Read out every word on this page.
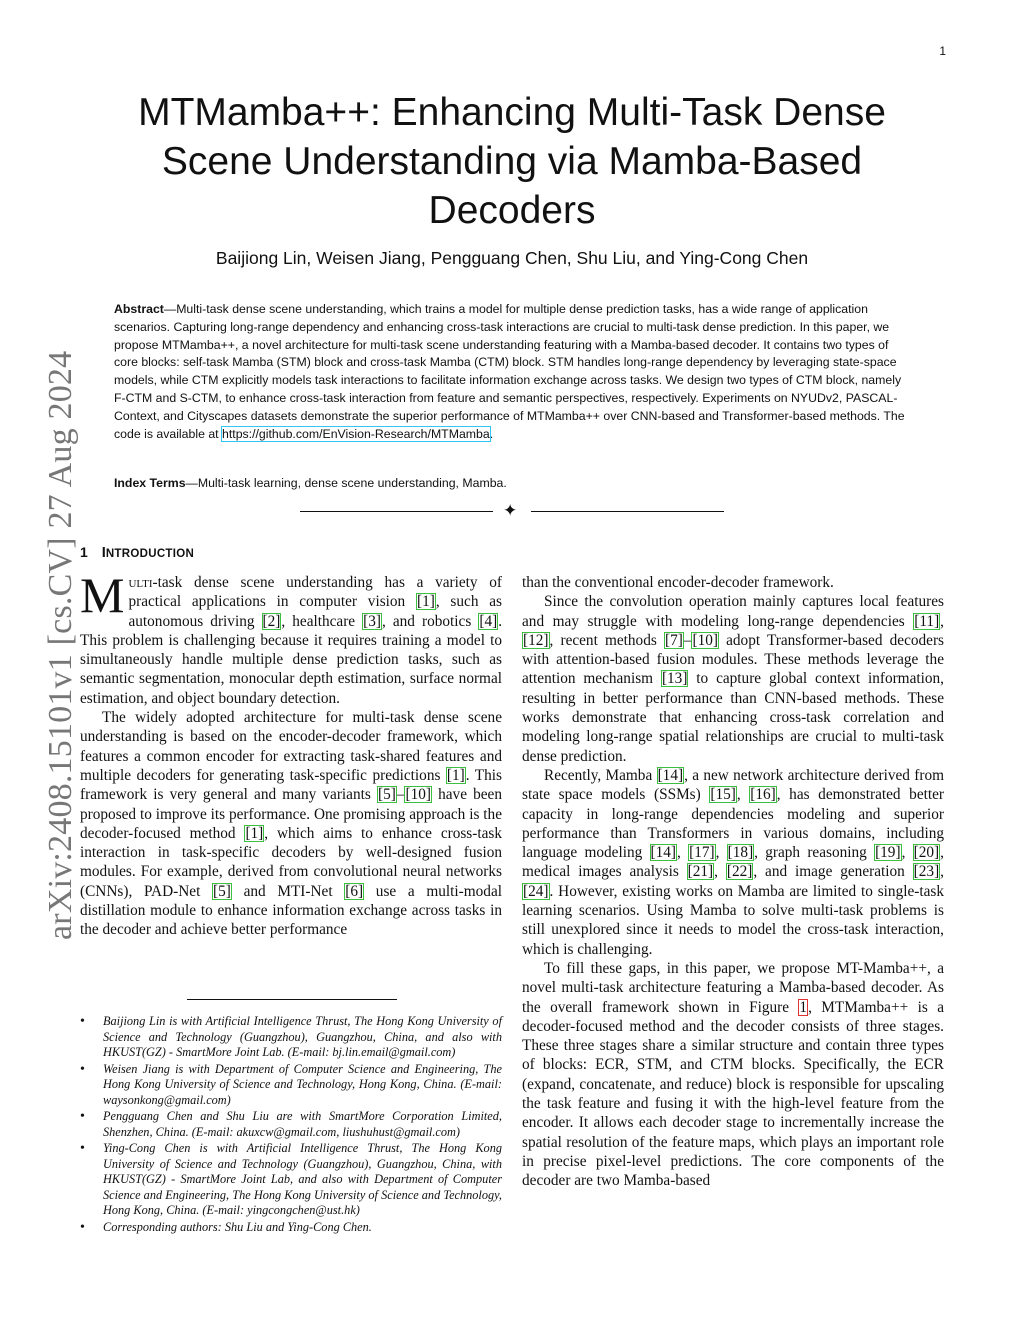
1
arXiv:2408.15101v1 [cs.CV] 27 Aug 2024
MTMamba++: Enhancing Multi-Task Dense Scene Understanding via Mamba-Based Decoders
Baijiong Lin, Weisen Jiang, Pengguang Chen, Shu Liu, and Ying-Cong Chen

Abstract—Multi-task dense scene understanding, which trains a model for multiple dense prediction tasks, has a wide range of application scenarios. Capturing long-range dependency and enhancing cross-task interactions are crucial to multi-task dense prediction. In this paper, we propose MTMamba++, a novel architecture for multi-task scene understanding featuring with a Mamba-based decoder. It contains two types of core blocks: self-task Mamba (STM) block and cross-task Mamba (CTM) block. STM handles long-range dependency by leveraging state-space models, while CTM explicitly models task interactions to facilitate information exchange across tasks. We design two types of CTM block, namely F-CTM and S-CTM, to enhance cross-task interaction from feature and semantic perspectives, respectively. Experiments on NYUDv2, PASCAL-Context, and Cityscapes datasets demonstrate the superior performance of MTMamba++ over CNN-based and Transformer-based methods. The code is available at https://github.com/EnVision-Research/MTMamba.

Index Terms—Multi-task learning, dense scene understanding, Mamba.
✦
1 INTRODUCTION

Multi-task dense scene understanding has a variety of practical applications in computer vision [1], such as autonomous driving [2], healthcare [3], and robotics [4]. This problem is challenging because it requires training a model to simultaneously handle multiple dense prediction tasks, such as semantic segmentation, monocular depth estimation, surface normal estimation, and object boundary detection.

The widely adopted architecture for multi-task dense scene understanding is based on the encoder-decoder framework, which features a common encoder for extracting task-shared features and multiple decoders for generating task-specific predictions [1]. This framework is very general and many variants [5]–[10] have been proposed to improve its performance. One promising approach is the decoder-focused method [1], which aims to enhance cross-task interaction in task-specific decoders by well-designed fusion modules. For example, derived from convolutional neural networks (CNNs), PAD-Net [5] and MTI-Net [6] use a multi-modal distillation module to enhance information exchange across tasks in the decoder and achieve better performance

than the conventional encoder-decoder framework.

Since the convolution operation mainly captures local features and may struggle with modeling long-range dependencies [11], [12], recent methods [7]–[10] adopt Transformer-based decoders with attention-based fusion modules. These methods leverage the attention mechanism [13] to capture global context information, resulting in better performance than CNN-based methods. These works demonstrate that enhancing cross-task correlation and modeling long-range spatial relationships are crucial to multi-task dense prediction.

Recently, Mamba [14], a new network architecture derived from state space models (SSMs) [15], [16], has demonstrated better capacity in long-range dependencies modeling and superior performance than Transformers in various domains, including language modeling [14], [17], [18], graph reasoning [19], [20], medical images analysis [21], [22], and image generation [23], [24]. However, existing works on Mamba are limited to single-task learning scenarios. Using Mamba to solve multi-task problems is still unexplored since it needs to model the cross-task interaction, which is challenging.

To fill these gaps, in this paper, we propose MT-Mamba++, a novel multi-task architecture featuring a Mamba-based decoder. As the overall framework shown in Figure 1, MTMamba++ is a decoder-focused method and the decoder consists of three stages. These three stages share a similar structure and contain three types of blocks: ECR, STM, and CTM blocks. Specifically, the ECR (expand, concatenate, and reduce) block is responsible for upscaling the task feature and fusing it with the high-level feature from the encoder. It allows each decoder stage to incrementally increase the spatial resolution of the feature maps, which plays an important role in precise pixel-level predictions. The core components of the decoder are two Mamba-based

• Baijiong Lin is with Artificial Intelligence Thrust, The Hong Kong University of Science and Technology (Guangzhou), Guangzhou, China, and also with HKUST(GZ) - SmartMore Joint Lab. (E-mail: bj.lin.email@gmail.com)
• Weisen Jiang is with Department of Computer Science and Engineering, The Hong Kong University of Science and Technology, Hong Kong, China. (E-mail: waysonkong@gmail.com)
• Pengguang Chen and Shu Liu are with SmartMore Corporation Limited, Shenzhen, China. (E-mail: akuxcw@gmail.com, liushuhust@gmail.com)
• Ying-Cong Chen is with Artificial Intelligence Thrust, The Hong Kong University of Science and Technology (Guangzhou), Guangzhou, China, with HKUST(GZ) - SmartMore Joint Lab, and also with Department of Computer Science and Engineering, The Hong Kong University of Science and Technology, Hong Kong, China. (E-mail: yingcongchen@ust.hk)
• Corresponding authors: Shu Liu and Ying-Cong Chen.
